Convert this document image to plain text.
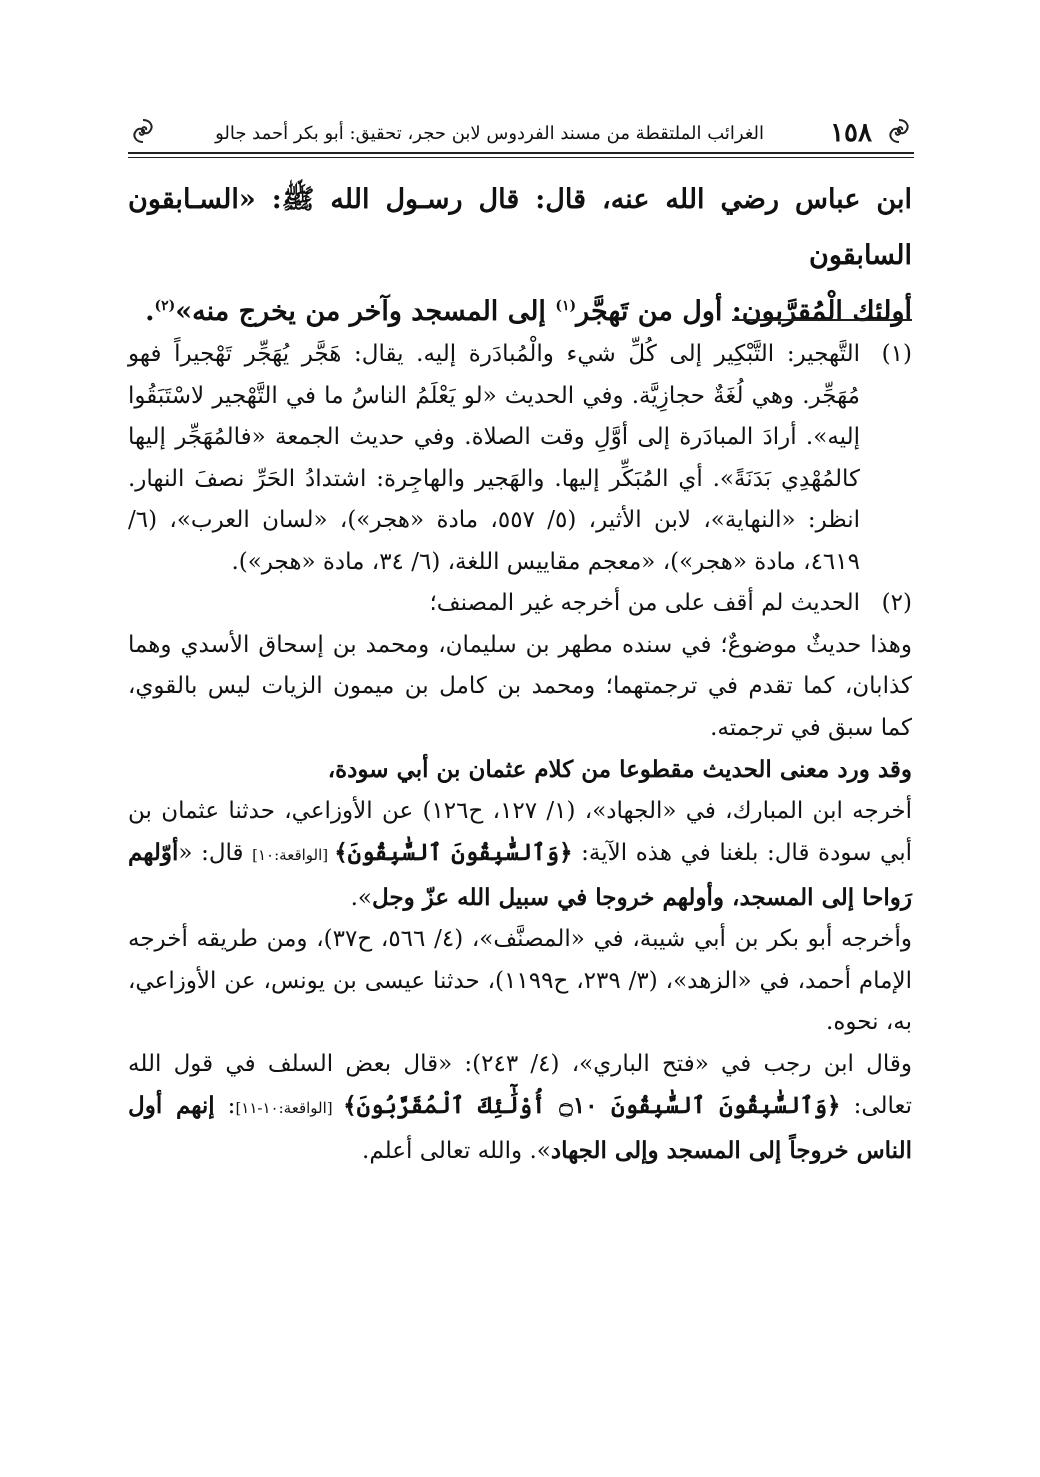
١٥٨
الغرائب الملتقطة من مسند الفردوس لابن حجر، تحقيق: أبو بكر أحمد جالو

ابن عباس رضي الله عنه، قال: قال رسـول الله ﷺ: «السـابقون السابقون

أولئك الْمُقرَّبون: أول من تَهجَّر$^{(١)}$ إلى المسجد وآخر من يخرج منه»$^{(٢)}$.

(١)
التَّهجير: التَّبْكِير إلى كُلِّ شيء والْمُبادَرة إليه. يقال: هَجَّر يُهَجِّر تَهْجيراً فهو مُهَجِّر. وهي لُغَةٌ حجازِيَّة. وفي الحديث «لو يَعْلَمُ الناسُ ما في التَّهْجير لاسْتَبَقُوا إليه». أرادَ المبادَرة إلى أوَّلِ وقت الصلاة. وفي حديث الجمعة «فالمُهَجِّر إليها كالمُهْدِي بَدَنَةً». أي المُبَكِّر إليها. والهَجير والهاجِرة: اشتدادُ الحَرِّ نصفَ النهار. انظر: «النهاية»، لابن الأثير، (٥/ ٥٥٧، مادة «هجر»)، «لسان العرب»، (٦/ ٤٦١٩، مادة «هجر»)، «معجم مقاييس اللغة، (٦/ ٣٤، مادة «هجر»).
(٢)
الحديث لم أقف على من أخرجه غير المصنف؛

وهذا حديثٌ موضوعٌ؛ في سنده مطهر بن سليمان، ومحمد بن إسحاق الأسدي وهما كذابان، كما تقدم في ترجمتهما؛ ومحمد بن كامل بن ميمون الزيات ليس بالقوي، كما سبق في ترجمته.

وقد ورد معنى الحديث مقطوعا من كلام عثمان بن أبي سودة،

أخرجه ابن المبارك، في «الجهاد»، (١/ ١٢٧، ح١٢٦) عن الأوزاعي، حدثنا عثمان بن أبي سودة قال: بلغنا في هذه الآية: ﴿وَٱلسَّٰبِقُونَ ٱلسَّٰبِقُونَ﴾ [الواقعة:١٠] قال: «أوّلهم رَواحا إلى المسجد، وأولهم خروجا في سبيل الله عزّ وجل».

وأخرجه أبو بكر بن أبي شيبة، في «المصنَّف»، (٤/ ٥٦٦، ح٣٧)، ومن طريقه أخرجه الإمام أحمد، في «الزهد»، (٣/ ٢٣٩، ح١١٩٩)، حدثنا عيسى بن يونس، عن الأوزاعي، به، نحوه.

وقال ابن رجب في «فتح الباري»، (٤/ ٢٤٣): «قال بعض السلف في قول الله تعالى: ﴿وَٱلسَّٰبِقُونَ ٱلسَّٰبِقُونَ ۝١٠ أُوْلَٰٓئِكَ ٱلْمُقَرَّبُونَ﴾ [الواقعة:١٠-١١]: إنهم أول الناس خروجاً إلى المسجد وإلى الجهاد». والله تعالى أعلم.
